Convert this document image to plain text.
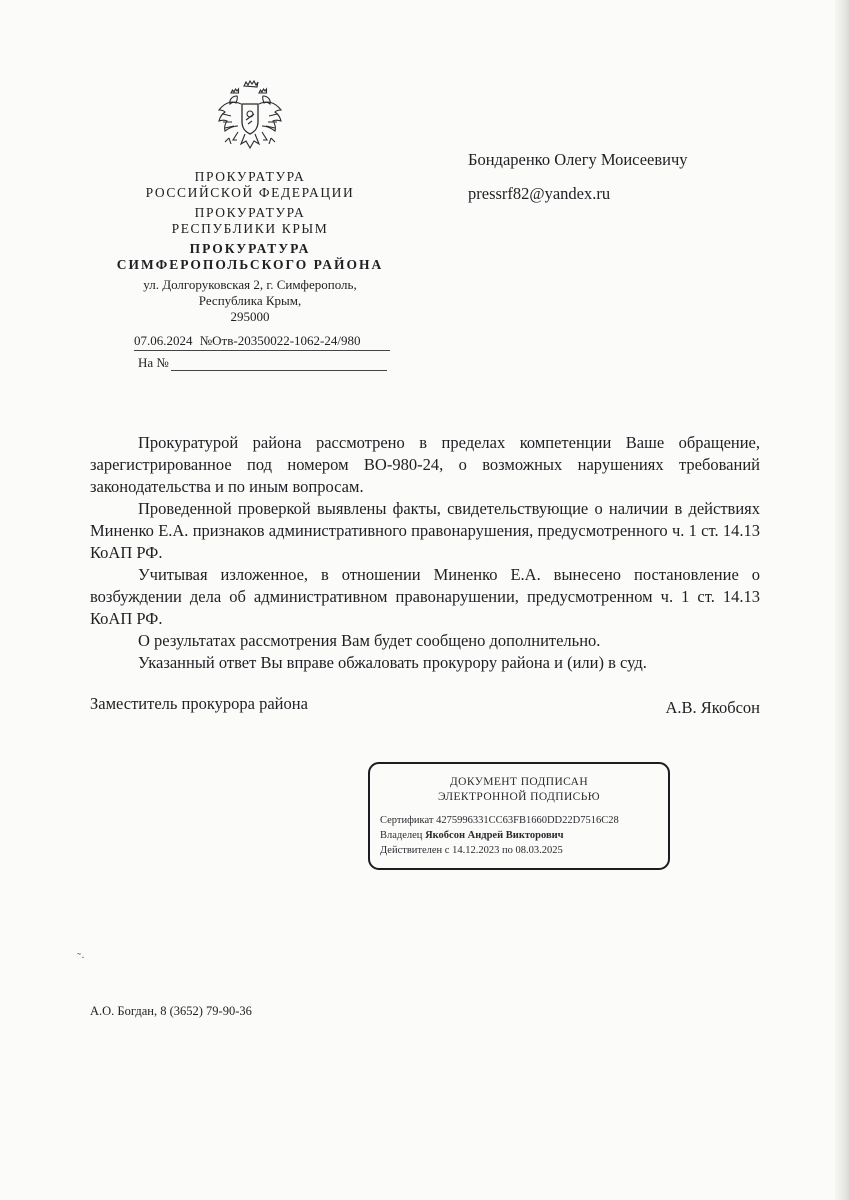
ПРОКУРАТУРА
РОССИЙСКОЙ ФЕДЕРАЦИИ
ПРОКУРАТУРА
РЕСПУБЛИКИ КРЫМ
ПРОКУРАТУРА
СИМФЕРОПОЛЬСКОГО РАЙОНА
ул. Долгоруковская 2, г. Симферополь,
Республика Крым,
295000
07.06.2024 №Отв-20350022-1062-24/980
На №
Бондаренко Олегу Моисеевичу
pressrf82@yandex.ru

Прокуратурой района рассмотрено в пределах компетенции Ваше обращение, зарегистрированное под номером ВО-980-24, о возможных нарушениях требований законодательства и по иным вопросам.

Проведенной проверкой выявлены факты, свидетельствующие о наличии в действиях Миненко Е.А. признаков административного правонарушения, предусмотренного ч. 1 ст. 14.13 КоАП РФ.

Учитывая изложенное, в отношении Миненко Е.А. вынесено постановление о возбуждении дела об административном правонарушении, предусмотренном ч. 1 ст. 14.13 КоАП РФ.

О результатах рассмотрения Вам будет сообщено дополнительно.

Указанный ответ Вы вправе обжаловать прокурору района и (или) в суд.

Заместитель прокурора района	А.В. Якобсон
ДОКУМЕНТ ПОДПИСАН
ЭЛЕКТРОННОЙ ПОДПИСЬЮ
Сертификат 4275996331CC63FB1660DD22D7516C28
Владелец Якобсон Андрей Викторович
Действителен с 14.12.2023 по 08.03.2025
˜·
А.О. Богдан, 8 (3652) 79-90-36
